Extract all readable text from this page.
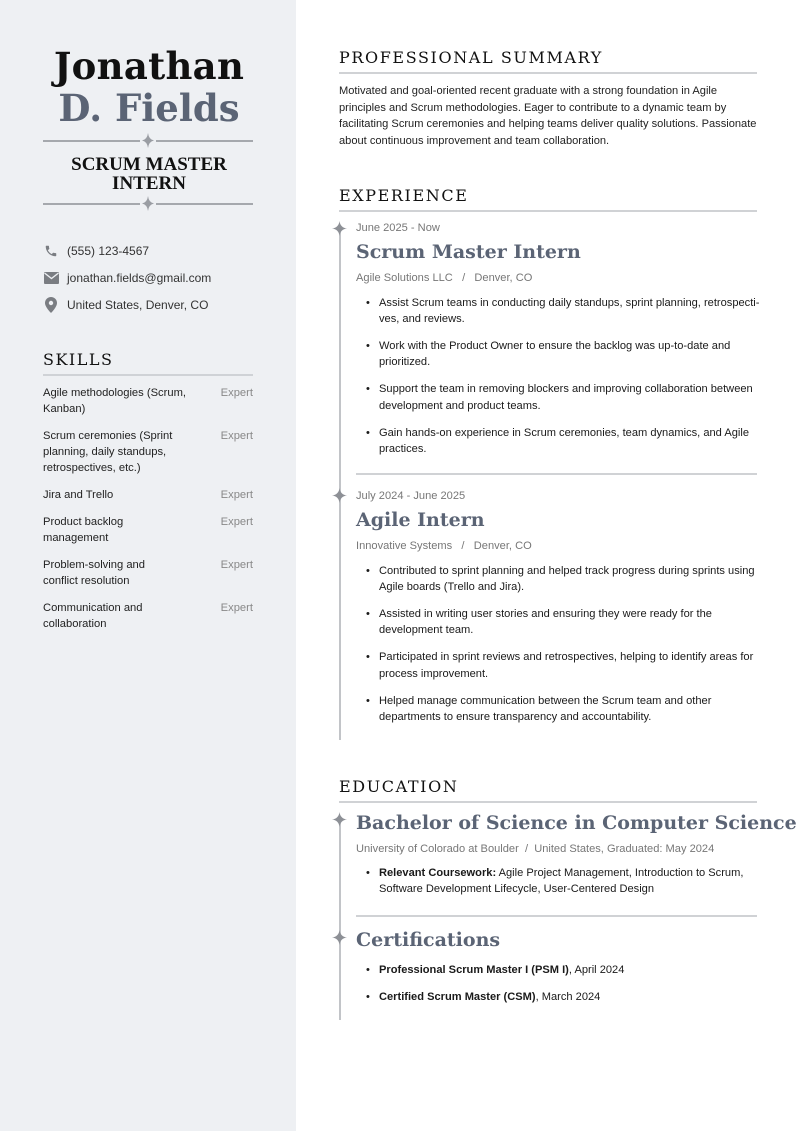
Jonathan
D. Fields
SCRUM MASTER
INTERN
(555) 123-4567
jonathan.fields@gmail.com
United States, Denver, CO
SKILLS
Agile methodologies (Scrum, Kanban)
Expert
Scrum ceremonies (Sprint planning, daily standups, retrospectives, etc.)
Expert
Jira and Trello	Expert
Product backlog management
Expert
Problem-solving and conflict resolution
Expert
Communication and collaboration
Expert
PROFESSIONAL SUMMARY
Motivated and goal-oriented recent graduate with a strong foundation in Agile principles and Scrum methodologies. Eager to contribute to a dynamic team by facilitating Scrum ceremonies and helping teams deliver quality solutions. Passionate about continuous improvement and team collaboration.
EXPERIENCE
June 2025 - Now
Scrum Master Intern
Agile Solutions LLC   /   Denver, CO
• Assist Scrum teams in conducting daily standups, sprint planning, retrospecti-ves, and reviews.
• Work with the Product Owner to ensure the backlog was up-to-date and prioritized.
• Support the team in removing blockers and improving collaboration between development and product teams.
• Gain hands-on experience in Scrum ceremonies, team dynamics, and Agile practices.
July 2024 - June 2025
Agile Intern
Innovative Systems   /   Denver, CO
• Contributed to sprint planning and helped track progress during sprints using Agile boards (Trello and Jira).
• Assisted in writing user stories and ensuring they were ready for the development team.
• Participated in sprint reviews and retrospectives, helping to identify areas for process improvement.
• Helped manage communication between the Scrum team and other departments to ensure transparency and accountability.
EDUCATION
Bachelor of Science in Computer Science
University of Colorado at Boulder  /  United States, Graduated: May 2024
• Relevant Coursework: Agile Project Management, Introduction to Scrum, Software Development Lifecycle, User-Centered Design
Certifications
• Professional Scrum Master I (PSM I), April 2024
• Certified Scrum Master (CSM), March 2024
